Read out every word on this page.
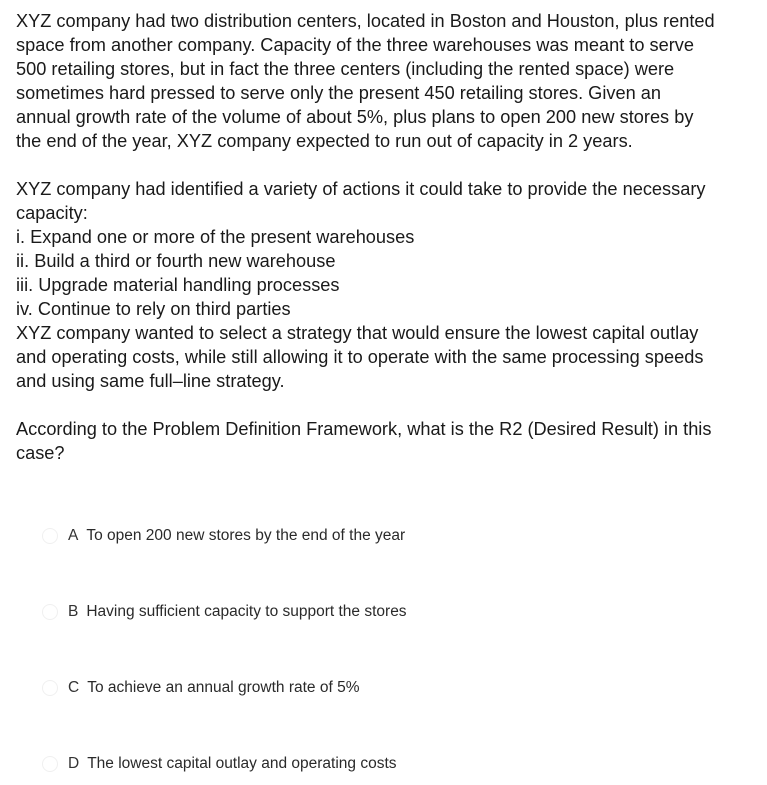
XYZ company had two distribution centers, located in Boston and Houston, plus rented
space from another company. Capacity of the three warehouses was meant to serve
500 retailing stores, but in fact the three centers (including the rented space) were
sometimes hard pressed to serve only the present 450 retailing stores. Given an
annual growth rate of the volume of about 5%, plus plans to open 200 new stores by
the end of the year, XYZ company expected to run out of capacity in 2 years.

XYZ company had identified a variety of actions it could take to provide the necessary
capacity:
i. Expand one or more of the present warehouses
ii. Build a third or fourth new warehouse
iii. Upgrade material handling processes
iv. Continue to rely on third parties
XYZ company wanted to select a strategy that would ensure the lowest capital outlay
and operating costs, while still allowing it to operate with the same processing speeds
and using same full–line strategy.

According to the Problem Definition Framework, what is the R2 (Desired Result) in this
case?

A To open 200 new stores by the end of the year
B Having sufficient capacity to support the stores
C To achieve an annual growth rate of 5%
D The lowest capital outlay and operating costs
